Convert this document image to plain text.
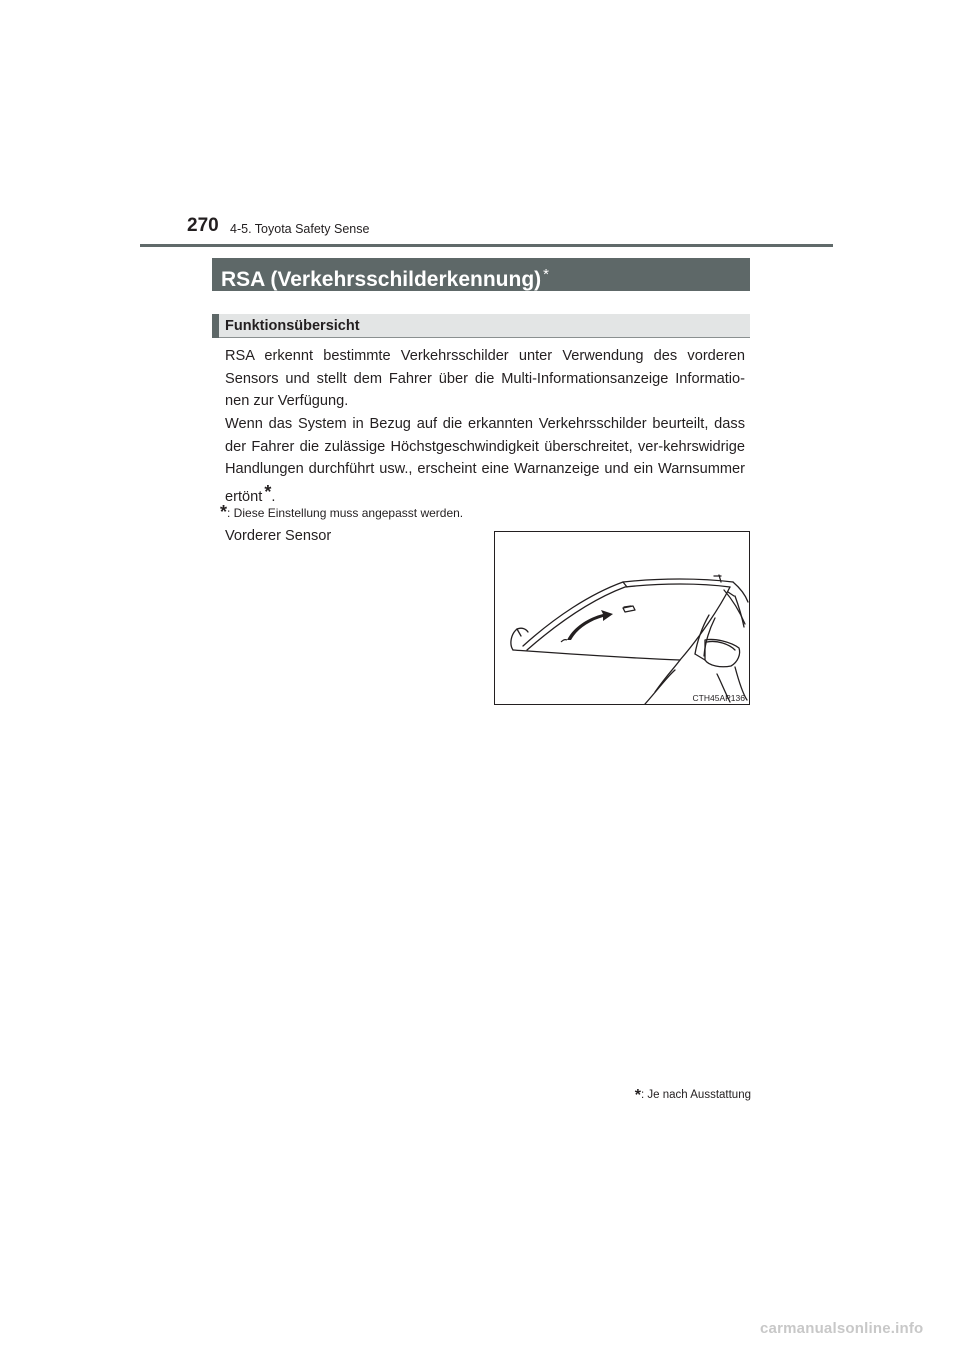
270 4-5. Toyota Safety Sense
RSA (Verkehrsschilderkennung) *
Funktionsübersicht

RSA erkennt bestimmte Verkehrsschilder unter Verwendung des vorderen Sensors und stellt dem Fahrer über die Multi-Informationsanzeige Informatio-nen zur Verfügung.

Wenn das System in Bezug auf die erkannten Verkehrsschilder beurteilt, dass der Fahrer die zulässige Höchstgeschwindigkeit überschreitet, ver-kehrswidrige Handlungen durchführt usw., erscheint eine Warnanzeige und ein Warnsummer ertönt *.

*: Diese Einstellung muss angepasst werden.
Vorderer Sensor
CTH45AP136
*: Je nach Ausstattung
carmanualsonline.info
